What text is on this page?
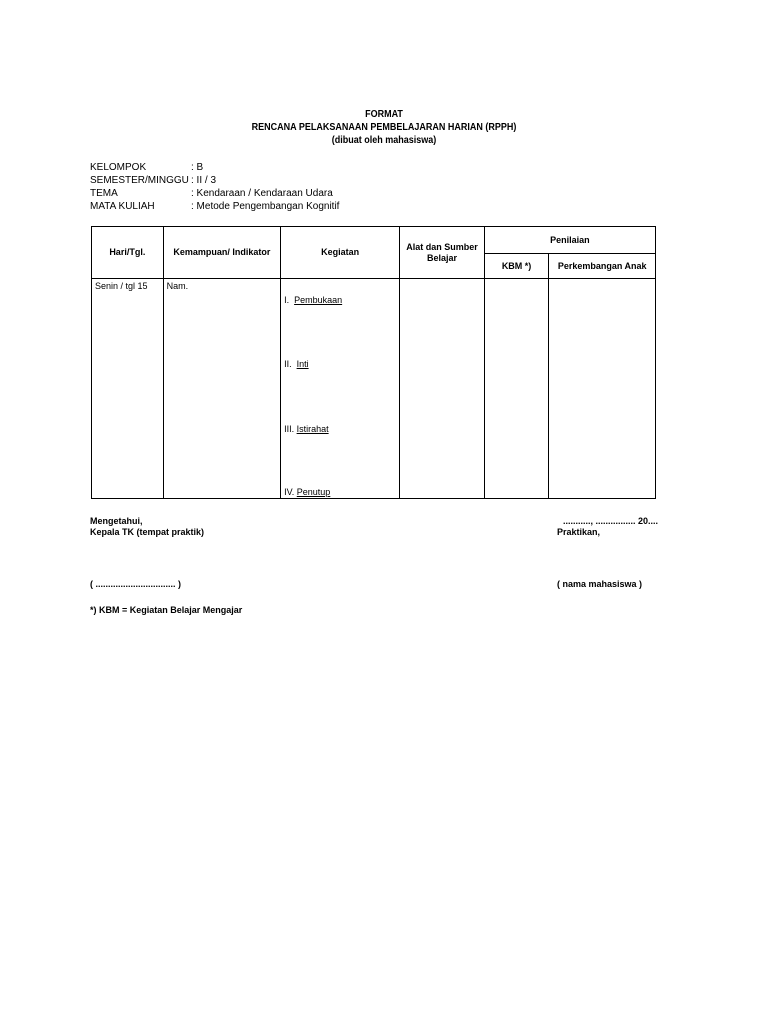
FORMAT
RENCANA PELAKSANAAN PEMBELAJARAN HARIAN (RPPH)
(dibuat oleh mahasiswa)
KELOMPOK	: B
SEMESTER/MINGGU : II / 3
TEMA	: Kendaraan / Kendaraan Udara
MATA KULIAH	: Metode Pengembangan Kognitif
Hari/Tgl.	Kemampuan/ Indikator	Kegiatan	Alat dan Sumber Belajar	Penilaian	
				KBM *)	Perkembangan Anak

Senin / tgl 15	Nam.	I. Pembukaan
II. Inti
III. Istirahat
IV. Penutup			

Mengetahui,
Kepala TK (tempat praktik)
..........., ................ 20....
Praktikan,
( ................................ )	( nama mahasiswa )
*) KBM = Kegiatan Belajar Mengajar
